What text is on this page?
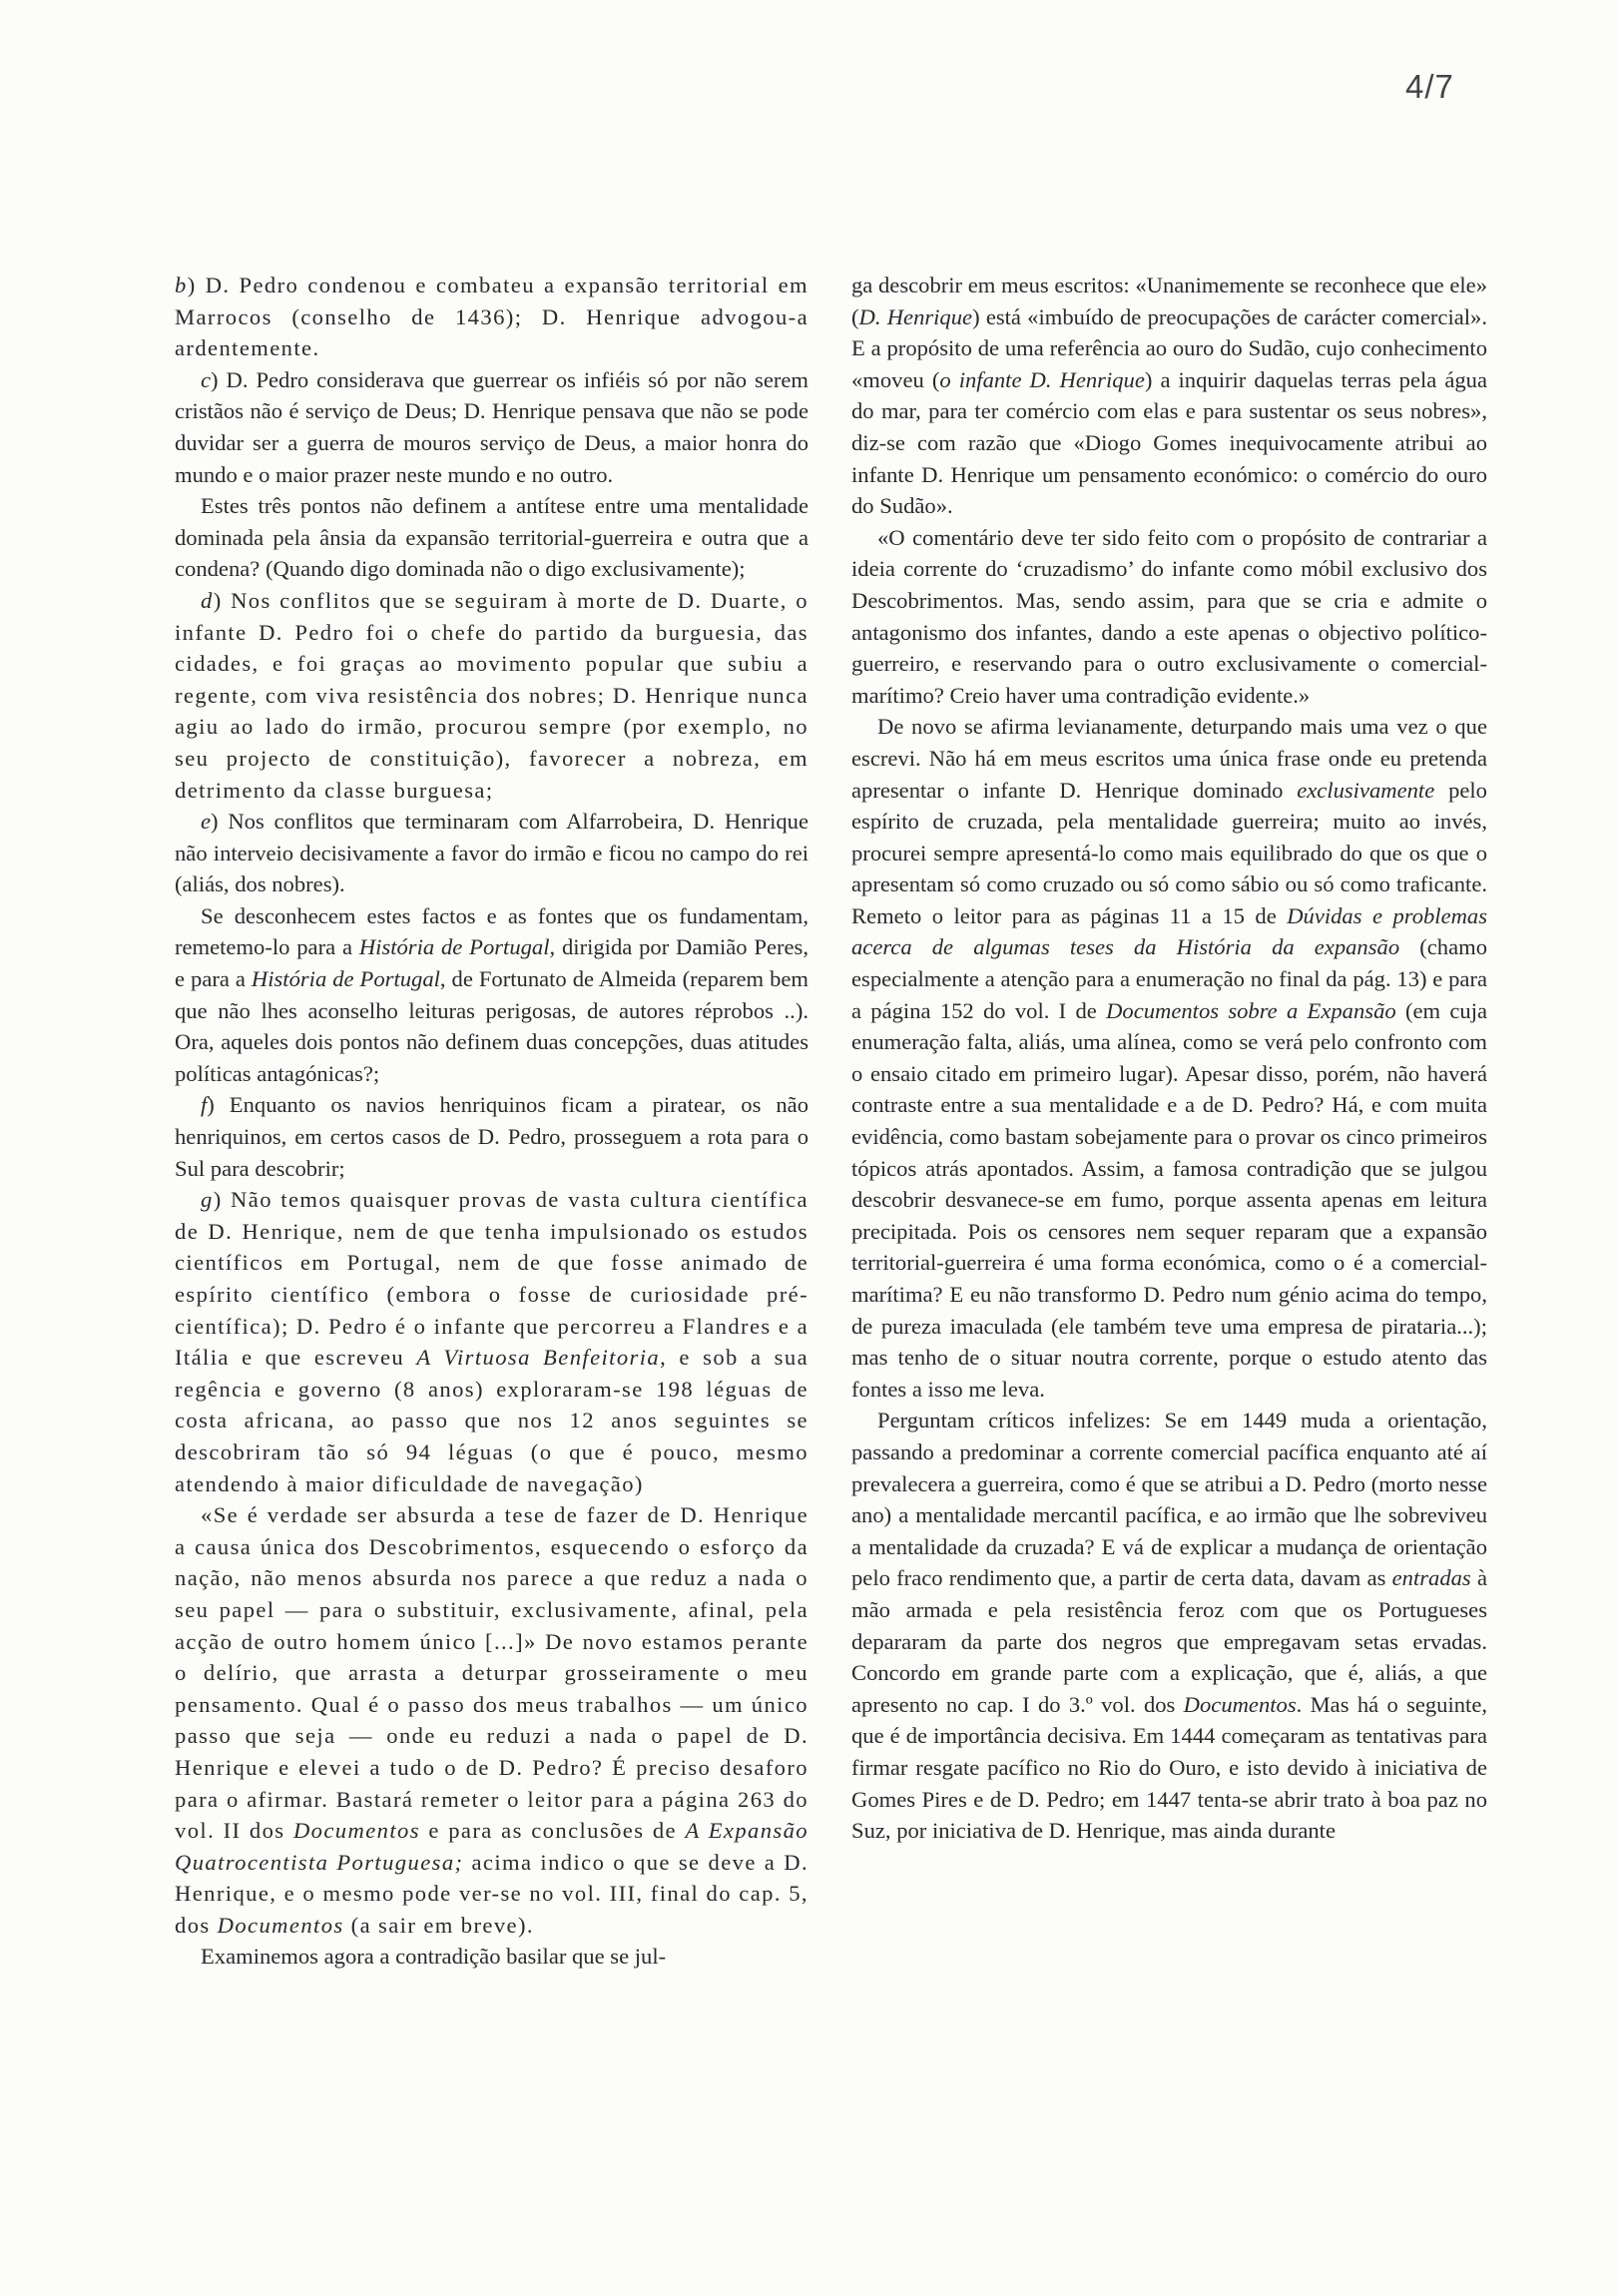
4/7

b) D. Pedro condenou e combateu a expansão territorial em Marrocos (conselho de 1436); D. Henrique advogou-a ardentemente.

c) D. Pedro considerava que guerrear os infiéis só por não serem cristãos não é serviço de Deus; D. Henrique pensava que não se pode duvidar ser a guerra de mouros serviço de Deus, a maior honra do mundo e o maior prazer neste mundo e no outro.

Estes três pontos não definem a antítese entre uma mentalidade dominada pela ânsia da expansão territorial-guerreira e outra que a condena? (Quando digo dominada não o digo exclusivamente);

d) Nos conflitos que se seguiram à morte de D. Duarte, o infante D. Pedro foi o chefe do partido da burguesia, das cidades, e foi graças ao movimento popular que subiu a regente, com viva resistência dos nobres; D. Henrique nunca agiu ao lado do irmão, procurou sempre (por exemplo, no seu projecto de constituição), favorecer a nobreza, em detrimento da classe burguesa;

e) Nos conflitos que terminaram com Alfarrobeira, D. Henrique não interveio decisivamente a favor do irmão e ficou no campo do rei (aliás, dos nobres).

Se desconhecem estes factos e as fontes que os fundamentam, remetemo-lo para a História de Portugal, dirigida por Damião Peres, e para a História de Portugal, de Fortunato de Almeida (reparem bem que não lhes aconselho leituras perigosas, de autores réprobos ..). Ora, aqueles dois pontos não definem duas concepções, duas atitudes políticas antagónicas?;

f) Enquanto os navios henriquinos ficam a piratear, os não henriquinos, em certos casos de D. Pedro, prosseguem a rota para o Sul para descobrir;

g) Não temos quaisquer provas de vasta cultura científica de D. Henrique, nem de que tenha impulsionado os estudos científicos em Portugal, nem de que fosse animado de espírito científico (embora o fosse de curiosidade pré-científica); D. Pedro é o infante que percorreu a Flandres e a Itália e que escreveu A Virtuosa Benfeitoria, e sob a sua regência e governo (8 anos) exploraram-se 198 léguas de costa africana, ao passo que nos 12 anos seguintes se descobriram tão só 94 léguas (o que é pouco, mesmo atendendo à maior dificuldade de navegação)

«Se é verdade ser absurda a tese de fazer de D. Henrique a causa única dos Descobrimentos, esquecendo o esforço da nação, não menos absurda nos parece a que reduz a nada o seu papel — para o substituir, exclusivamente, afinal, pela acção de outro homem único [...]» De novo estamos perante o delírio, que arrasta a deturpar grosseiramente o meu pensamento. Qual é o passo dos meus trabalhos — um único passo que seja — onde eu reduzi a nada o papel de D. Henrique e elevei a tudo o de D. Pedro? É preciso desaforo para o afirmar. Bastará remeter o leitor para a página 263 do vol. II dos Documentos e para as conclusões de A Expansão Quatrocentista Portuguesa; acima indico o que se deve a D. Henrique, e o mesmo pode ver-se no vol. III, final do cap. 5, dos Documentos (a sair em breve).

Examinemos agora a contradição basilar que se jul-

ga descobrir em meus escritos: «Unanimemente se reconhece que ele» (D. Henrique) está «imbuído de preocupações de carácter comercial». E a propósito de uma referência ao ouro do Sudão, cujo conhecimento «moveu (o infante D. Henrique) a inquirir daquelas terras pela água do mar, para ter comércio com elas e para sustentar os seus nobres», diz-se com razão que «Diogo Gomes inequivocamente atribui ao infante D. Henrique um pensamento económico: o comércio do ouro do Sudão».

«O comentário deve ter sido feito com o propósito de contrariar a ideia corrente do ‘cruzadismo’ do infante como móbil exclusivo dos Descobrimentos. Mas, sendo assim, para que se cria e admite o antagonismo dos infantes, dando a este apenas o objectivo político-guerreiro, e reservando para o outro exclusivamente o comercial-marítimo? Creio haver uma contradição evidente.»

De novo se afirma levianamente, deturpando mais uma vez o que escrevi. Não há em meus escritos uma única frase onde eu pretenda apresentar o infante D. Henrique dominado exclusivamente pelo espírito de cruzada, pela mentalidade guerreira; muito ao invés, procurei sempre apresentá-lo como mais equilibrado do que os que o apresentam só como cruzado ou só como sábio ou só como traficante. Remeto o leitor para as páginas 11 a 15 de Dúvidas e problemas acerca de algumas teses da História da expansão (chamo especialmente a atenção para a enumeração no final da pág. 13) e para a página 152 do vol. I de Documentos sobre a Expansão (em cuja enumeração falta, aliás, uma alínea, como se verá pelo confronto com o ensaio citado em primeiro lugar). Apesar disso, porém, não haverá contraste entre a sua mentalidade e a de D. Pedro? Há, e com muita evidência, como bastam sobejamente para o provar os cinco primeiros tópicos atrás apontados. Assim, a famosa contradição que se julgou descobrir desvanece-se em fumo, porque assenta apenas em leitura precipitada. Pois os censores nem sequer reparam que a expansão territorial-guerreira é uma forma económica, como o é a comercial-marítima? E eu não transformo D. Pedro num génio acima do tempo, de pureza imaculada (ele também teve uma empresa de pirataria...); mas tenho de o situar noutra corrente, porque o estudo atento das fontes a isso me leva.

Perguntam críticos infelizes: Se em 1449 muda a orientação, passando a predominar a corrente comercial pacífica enquanto até aí prevalecera a guerreira, como é que se atribui a D. Pedro (morto nesse ano) a mentalidade mercantil pacífica, e ao irmão que lhe sobreviveu a mentalidade da cruzada? E vá de explicar a mudança de orientação pelo fraco rendimento que, a partir de certa data, davam as entradas à mão armada e pela resistência feroz com que os Portugueses depararam da parte dos negros que empregavam setas ervadas. Concordo em grande parte com a explicação, que é, aliás, a que apresento no cap. I do 3.º vol. dos Documentos. Mas há o seguinte, que é de importância decisiva. Em 1444 começaram as tentativas para firmar resgate pacífico no Rio do Ouro, e isto devido à iniciativa de Gomes Pires e de D. Pedro; em 1447 tenta-se abrir trato à boa paz no Suz, por iniciativa de D. Henrique, mas ainda durante
